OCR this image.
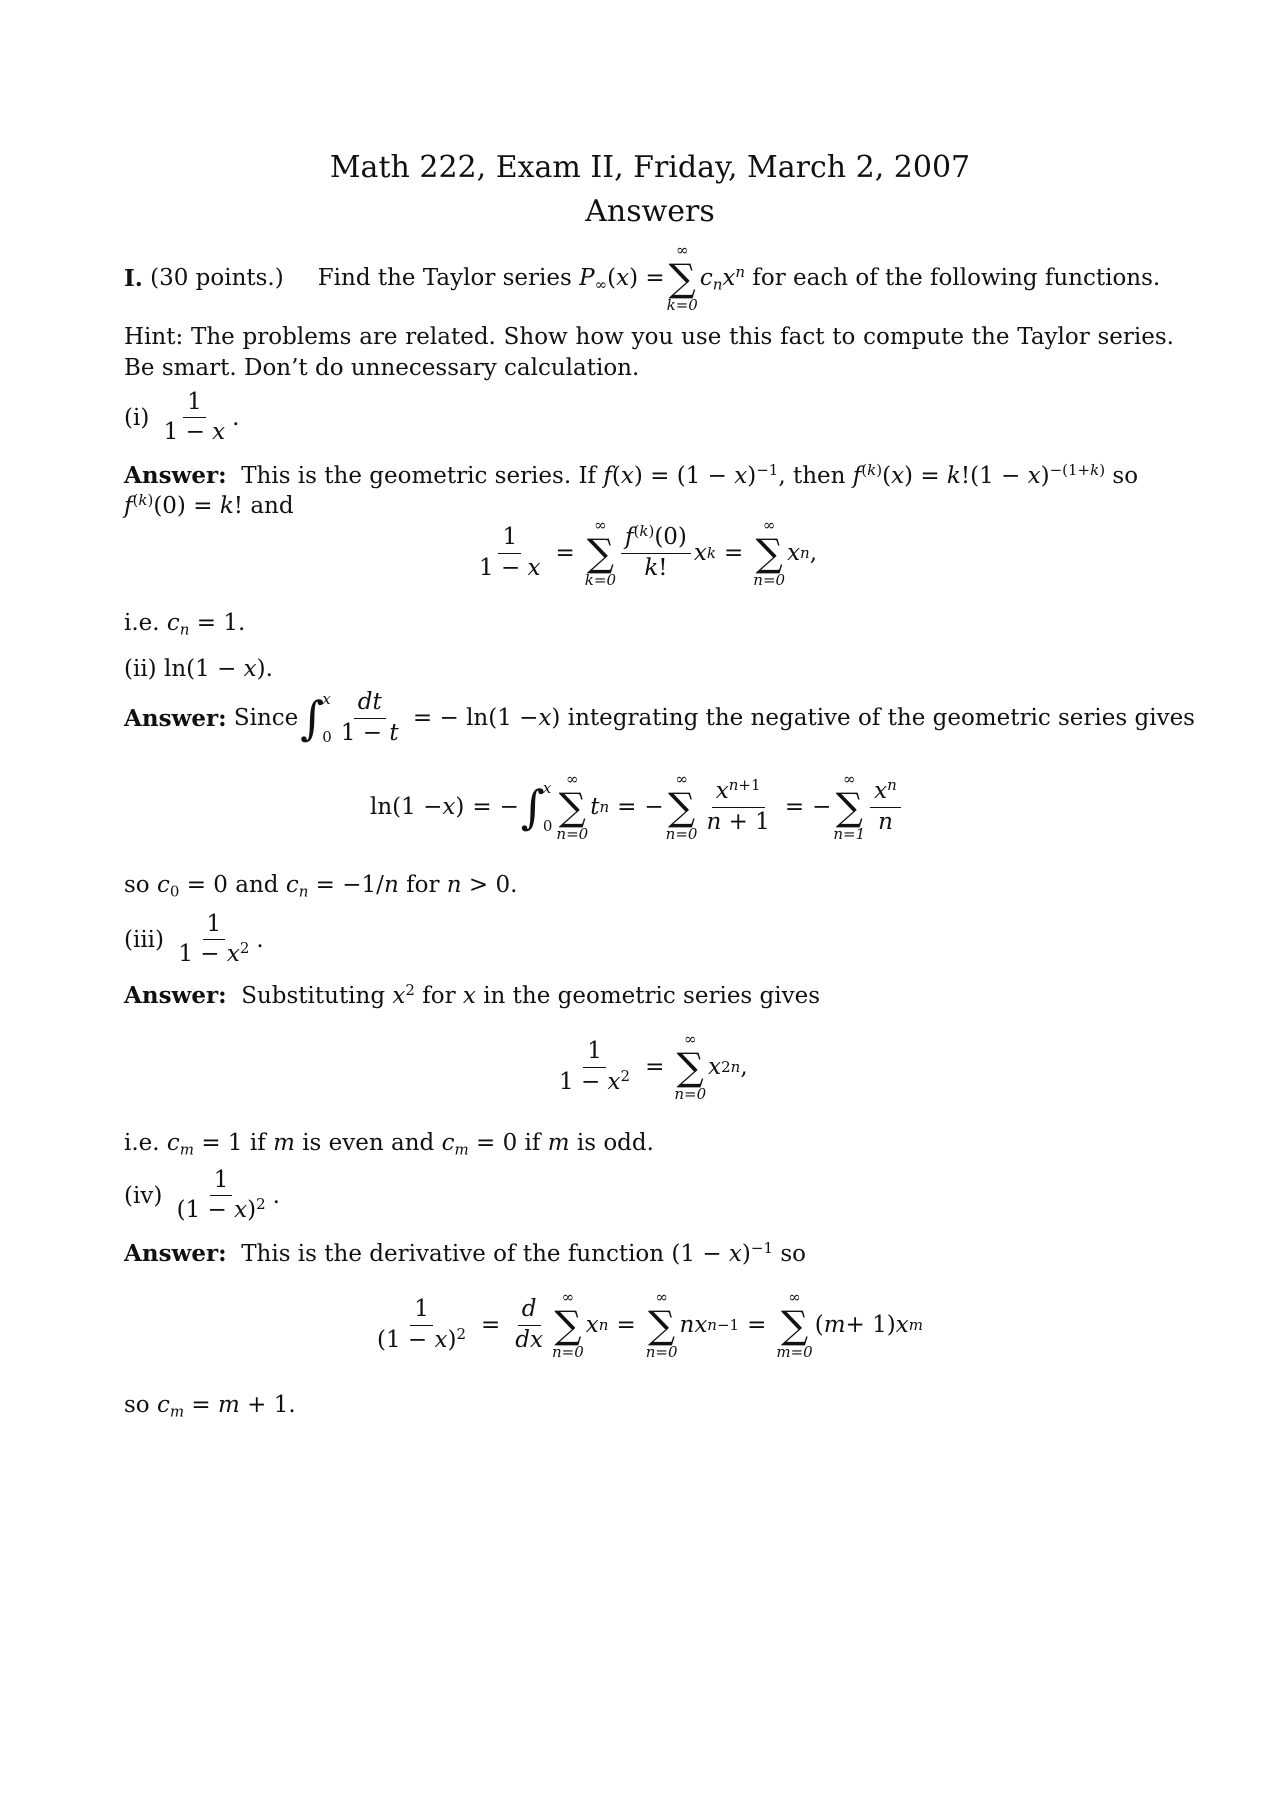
Math 222, Exam II, Friday, March 2, 2007
Answers
I.
(30 points.) Find the Taylor series
$P_\infty(x)$ =
∞
∑
k=0
$c_nx^n$
for each of the following functions.
Hint: The problems are related. Show how you use this fact to compute the Taylor series. Be smart. Don’t do unnecessary calculation.
(i)
$\frac{1}{1 - x}$ .
Answer: This is the geometric series. If $f(x) = (1 - x)^{-1}$, then $f^{(k)}(x) = k!(1 - x)^{-(1+k)}$ so
$f^{(k)}(0) = k$! and
$\frac{1}{1 - x}$ =
∞
∑
$k=0 \frac{f^{(k)}(0)}{k!}$ x k =
∞
∑
n=0
x n ,
i.e. $c_n = 1$.
(ii) ln(1 − x).
Answer:
Since ∫
x
$0 \frac{dt}{1 - t}$ = − ln(1 − x ) integrating the negative of the geometric series gives
ln(1 − x ) = − ∫
x
0
∞
∑
n=0
t n = −
∞
∑
$n=0 \frac{x^{n+1}}{n + 1}$ = −
∞
∑
$n=1 \frac{x^n}{n}$
so $c_0 = 0$ and $c_n = -1/n$ for n > 0.
(iii)
$\frac{1}{1 - x^2}$ .
Answer: Substituting $x^2$ for x in the geometric series gives
$\frac{1}{1 - x^2}$ =
∞
∑
n=0
x 2n ,
i.e. $c_m = 1$ if m is even and $c_m = 0$ if m is odd.
(iv)
$\frac{1}{(1 - x)^2}$ .
Answer: This is the derivative of the function $(1 - x)^{-1}$ so
$\frac{1}{(1 - x)^2} = \frac{d}{dx}$
∞
∑
n=0
x n =
∞
∑
n=0
nx n−1 =
∞
∑
m=0
( m + 1) x m
so $c_m = m + 1$.
